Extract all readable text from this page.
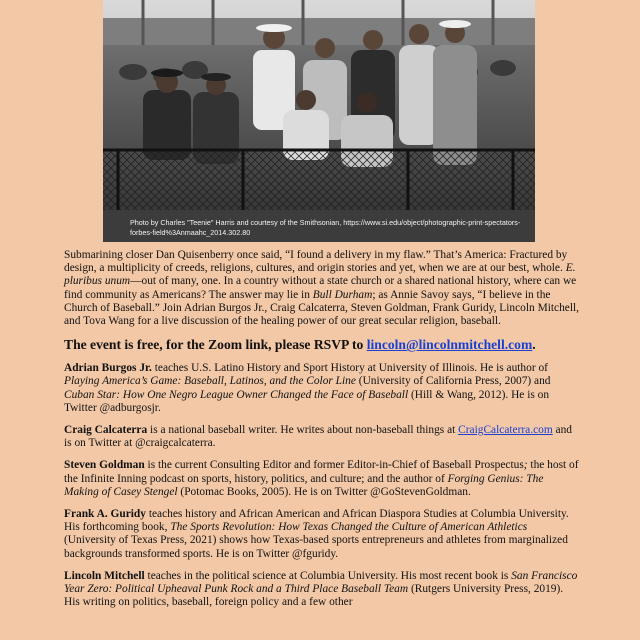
Photo by Charles "Teenie" Harris and courtesy of the Smithsonian, https://www.si.edu/object/photographic-print-spectators-forbes-field%3Anmaahc_2014.302.80

Submarining closer Dan Quisenberry once said, “I found a delivery in my flaw.” That’s America: Fractured by design, a multiplicity of creeds, religions, cultures, and origin stories and yet, when we are at our best, whole. E. pluribus unum—out of many, one. In a country without a state church or a shared national history, where can we find community as Americans? The answer may lie in Bull Durham; as Annie Savoy says, “I believe in the Church of Baseball.” Join Adrian Burgos Jr., Craig Calcaterra, Steven Goldman, Frank Guridy, Lincoln Mitchell, and Tova Wang for a live discussion of the healing power of our great secular religion, baseball.

The event is free, for the Zoom link, please RSVP to lincoln@lincolnmitchell.com.

Adrian Burgos Jr. teaches U.S. Latino History and Sport History at University of Illinois. He is author of Playing America’s Game: Baseball, Latinos, and the Color Line (University of California Press, 2007) and Cuban Star: How One Negro League Owner Changed the Face of Baseball (Hill & Wang, 2012). He is on Twitter @adburgosjr.

Craig Calcaterra is a national baseball writer. He writes about non-baseball things at CraigCalcaterra.com and is on Twitter at @craigcalcaterra.

Steven Goldman is the current Consulting Editor and former Editor-in-Chief of Baseball Prospectus; the host of the Infinite Inning podcast on sports, history, politics, and culture; and the author of Forging Genius: The Making of Casey Stengel (Potomac Books, 2005). He is on Twitter @GoStevenGoldman.

Frank A. Guridy teaches history and African American and African Diaspora Studies at Columbia University. His forthcoming book, The Sports Revolution: How Texas Changed the Culture of American Athletics (University of Texas Press, 2021) shows how Texas-based sports entrepreneurs and athletes from marginalized backgrounds transformed sports. He is on Twitter @fguridy.

Lincoln Mitchell teaches in the political science at Columbia University. His most recent book is San Francisco Year Zero: Political Upheaval Punk Rock and a Third Place Baseball Team (Rutgers University Press, 2019). His writing on politics, baseball, foreign policy and a few other
